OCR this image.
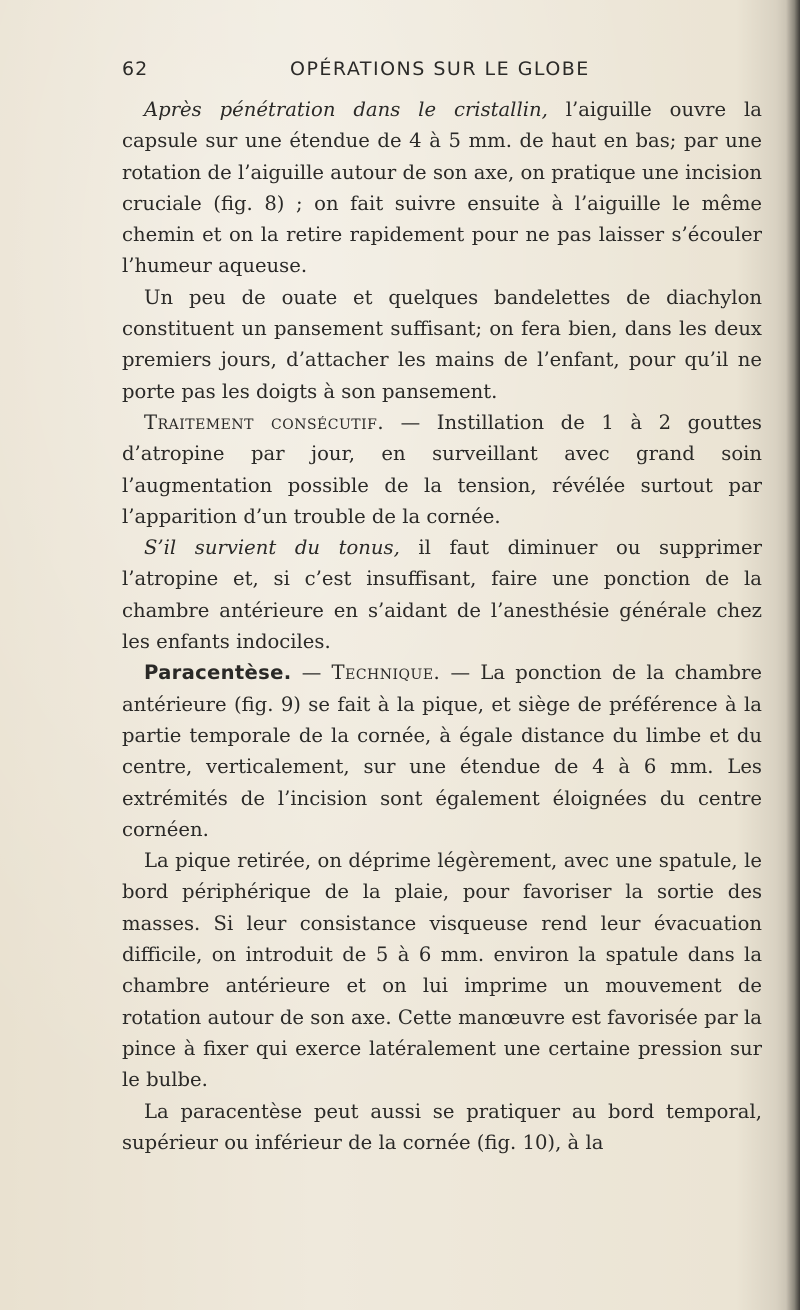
62	OPÉRATIONS SUR LE GLOBE

Après pénétration dans le cristallin, l’aiguille ouvre la capsule sur une étendue de 4 à 5 mm. de haut en bas; par une rotation de l’aiguille autour de son axe, on pratique une incision cruciale (fig. 8) ; on fait suivre ensuite à l’aiguille le même chemin et on la retire rapidement pour ne pas laisser s’écouler l’humeur aqueuse.

Un peu de ouate et quelques bandelettes de diachylon constituent un pansement suffisant; on fera bien, dans les deux premiers jours, d’attacher les mains de l’enfant, pour qu’il ne porte pas les doigts à son pansement.

Traitement consécutif. — Instillation de 1 à 2 gouttes d’atropine par jour, en surveillant avec grand soin l’augmentation possible de la tension, révélée surtout par l’apparition d’un trouble de la cornée.

S’il survient du tonus, il faut diminuer ou supprimer l’atropine et, si c’est insuffisant, faire une ponction de la chambre antérieure en s’aidant de l’anesthésie générale chez les enfants indociles.

Paracentèse. — Technique. — La ponction de la chambre antérieure (fig. 9) se fait à la pique, et siège de préférence à la partie temporale de la cornée, à égale distance du limbe et du centre, verticalement, sur une étendue de 4 à 6 mm. Les extrémités de l’incision sont également éloignées du centre cornéen.

La pique retirée, on déprime légèrement, avec une spatule, le bord périphérique de la plaie, pour favoriser la sortie des masses. Si leur consistance visqueuse rend leur évacuation difficile, on introduit de 5 à 6 mm. environ la spatule dans la chambre antérieure et on lui imprime un mouvement de rotation autour de son axe. Cette manœuvre est favorisée par la pince à fixer qui exerce latéralement une certaine pression sur le bulbe.

La paracentèse peut aussi se pratiquer au bord temporal, supérieur ou inférieur de la cornée (fig. 10), à la
